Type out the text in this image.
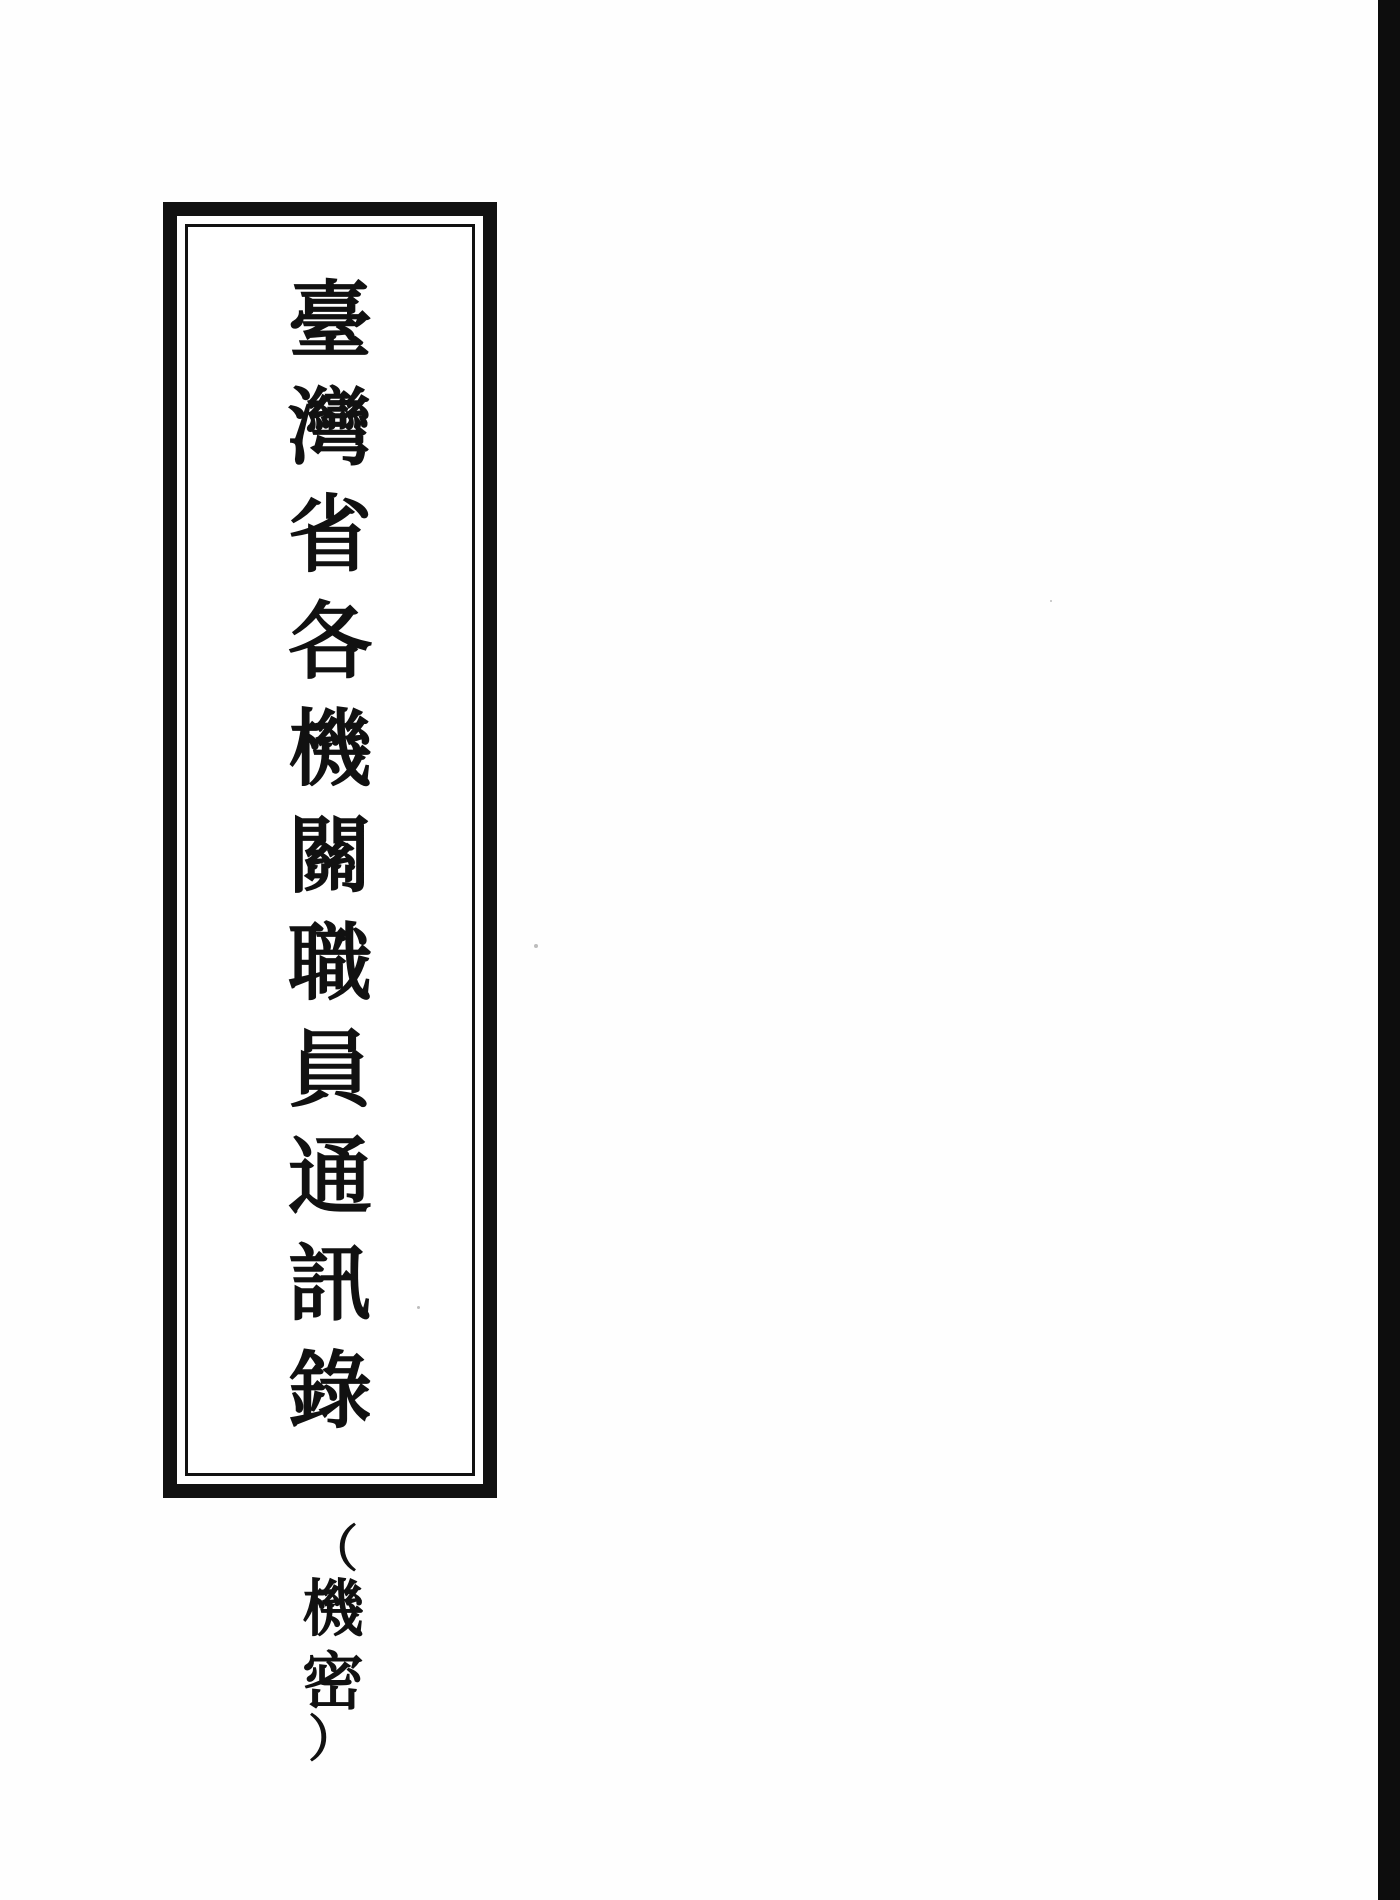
臺
灣
省
各
機
關
職
員
通
訊
錄
（
機
密
）
